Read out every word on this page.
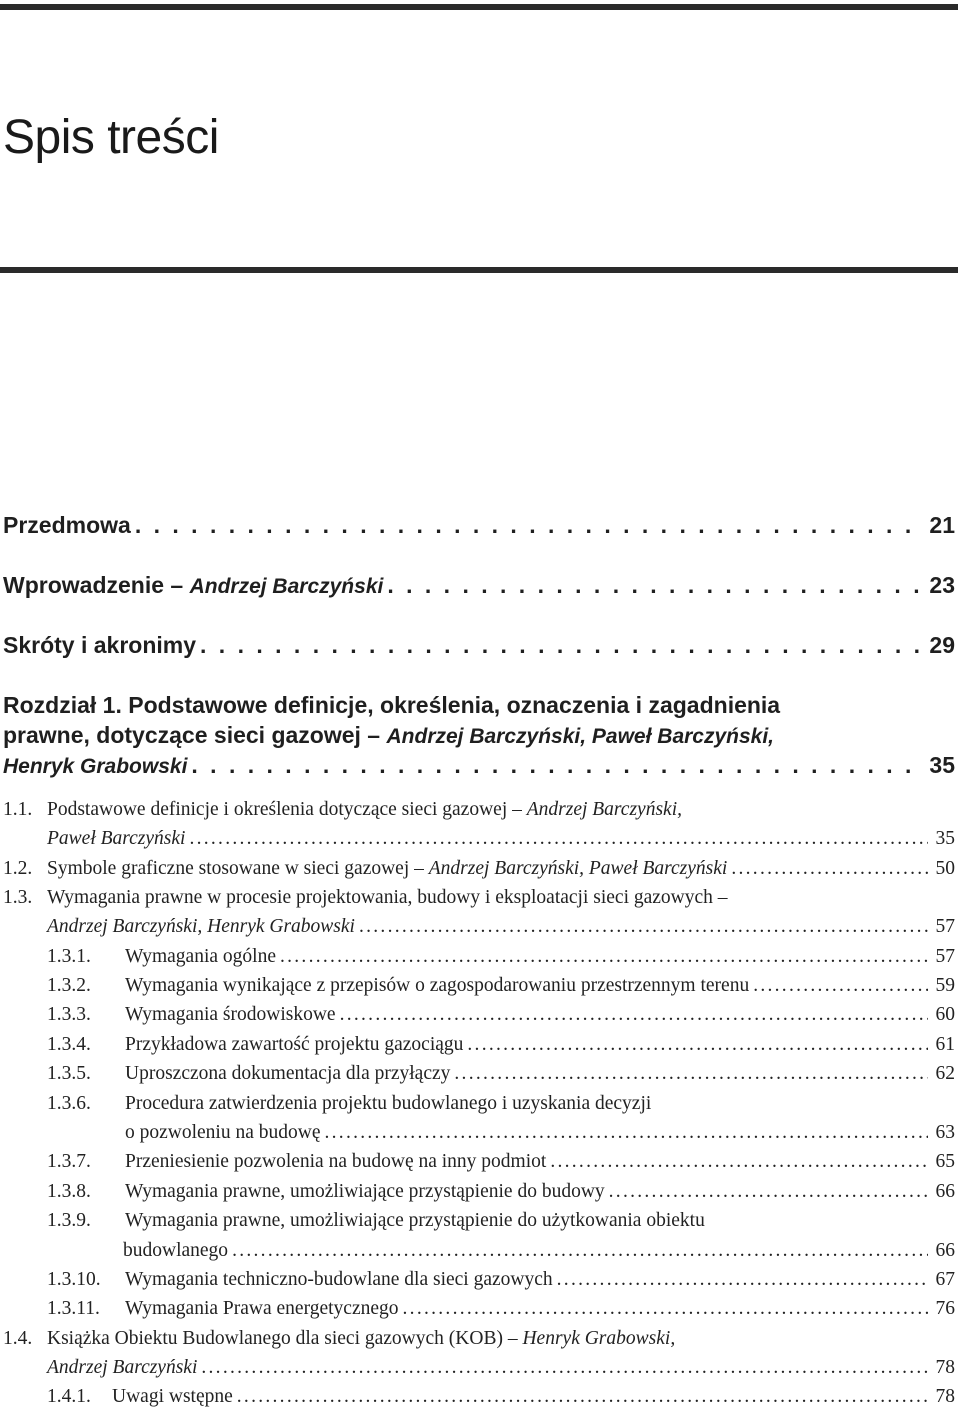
Spis treści
Przedmowa . . .	21
Wprowadzenie – Andrzej Barczyński . . .	23
Skróty i akronimy . . .	29
Rozdział 1. Podstawowe definicje, określenia, oznaczenia i zagadnienia
prawne, dotyczące sieci gazowej – Andrzej Barczyński, Paweł Barczyński,
Henryk Grabowski . . .	35
1.1. Podstawowe definicje i określenia dotyczące sieci gazowej – Andrzej Barczyński,
Paweł Barczyński . . .	35
1.2. Symbole graficzne stosowane w sieci gazowej – Andrzej Barczyński, Paweł Barczyński . . .	50
1.3. Wymagania prawne w procesie projektowania, budowy i eksploatacji sieci gazowych –
Andrzej Barczyński, Henryk Grabowski . . .	57
1.3.1. Wymagania ogólne . . .	57
1.3.2. Wymagania wynikające z przepisów o zagospodarowaniu przestrzennym terenu . . .	59
1.3.3. Wymagania środowiskowe . . .	60
1.3.4. Przykładowa zawartość projektu gazociągu . . .	61
1.3.5. Uproszczona dokumentacja dla przyłączy . . .	62
1.3.6. Procedura zatwierdzenia projektu budowlanego i uzyskania decyzji
o pozwoleniu na budowę . . .	63
1.3.7. Przeniesienie pozwolenia na budowę na inny podmiot . . .	65
1.3.8. Wymagania prawne, umożliwiające przystąpienie do budowy . . .	66
1.3.9. Wymagania prawne, umożliwiające przystąpienie do użytkowania obiektu
budowlanego . . .	66
1.3.10. Wymagania techniczno-budowlane dla sieci gazowych . . .	67
1.3.11. Wymagania Prawa energetycznego . . .	76
1.4. Książka Obiektu Budowlanego dla sieci gazowych (KOB) – Henryk Grabowski,
Andrzej Barczyński . . .	78
1.4.1. Uwagi wstępne . . .	78
